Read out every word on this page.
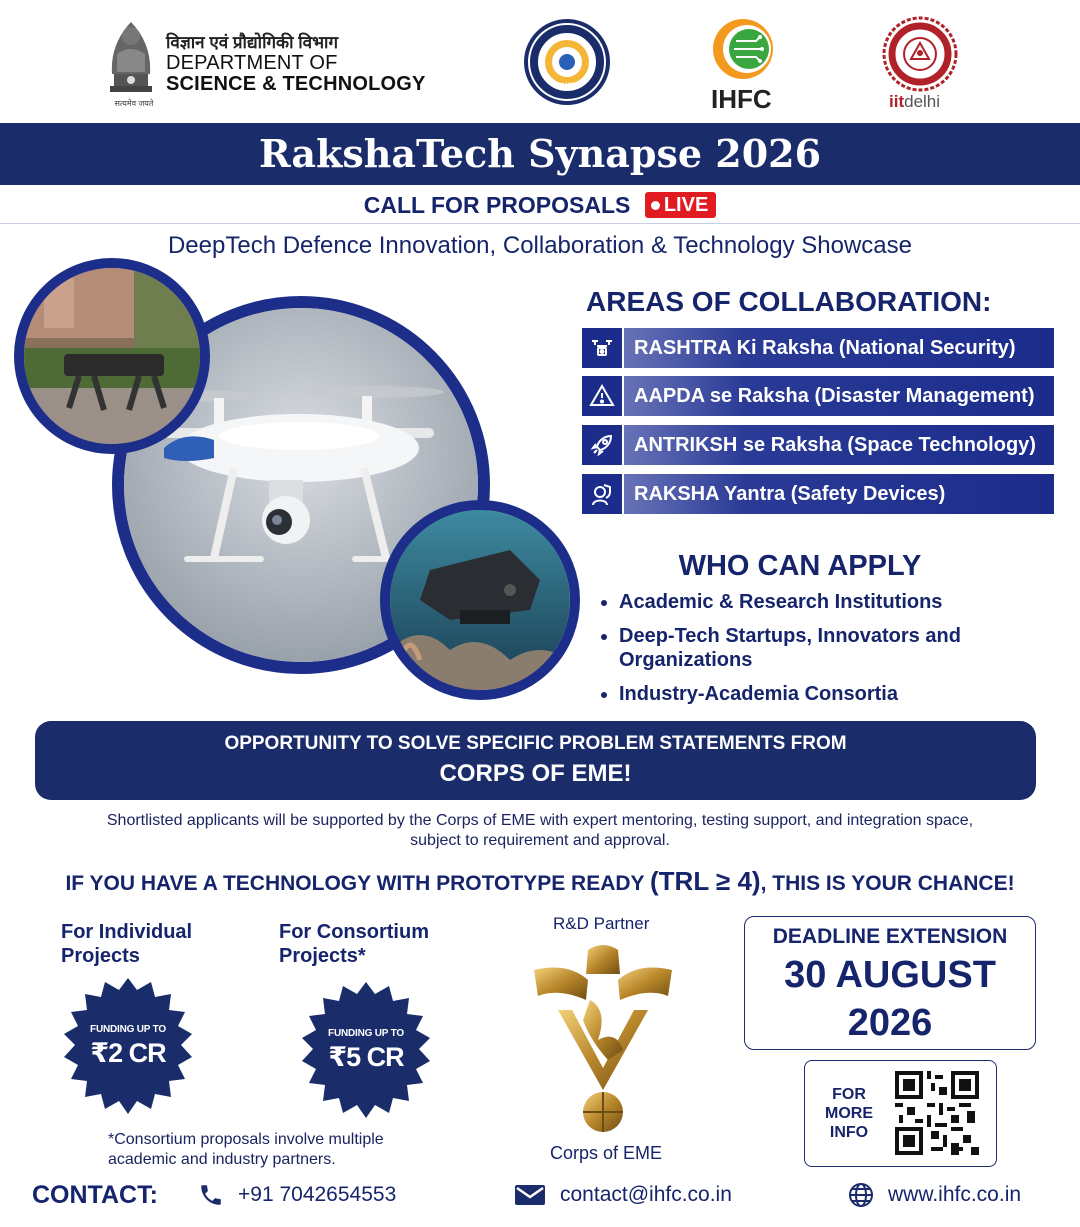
सत्यमेव जयते
विज्ञान एवं प्रौद्योगिकी विभाग
DEPARTMENT OF
SCIENCE & TECHNOLOGY	NM-ICPS	IHFC	iitdelhi
RakshaTech Synapse 2026
CALL FOR PROPOSALS LIVE
DeepTech Defence Innovation, Collaboration & Technology Showcase
AREAS OF COLLABORATION:
RASHTRA Ki Raksha (National Security)
AAPDA se Raksha (Disaster Management)
ANTRIKSH se Raksha (Space Technology)
RAKSHA Yantra (Safety Devices)
WHO CAN APPLY
Academic & Research Institutions
Deep-Tech Startups, Innovators and Organizations
Industry-Academia Consortia
OPPORTUNITY TO SOLVE SPECIFIC PROBLEM STATEMENTS FROM
CORPS OF EME!
Shortlisted applicants will be supported by the Corps of EME with expert mentoring, testing support, and integration space, subject to requirement and approval.
IF YOU HAVE A TECHNOLOGY WITH PROTOTYPE READY (TRL ≥ 4), THIS IS YOUR CHANCE!
For Individual Projects
For Consortium Projects*
FUNDING UP TO
₹2 CR
FUNDING UP TO
₹5 CR
*Consortium proposals involve multiple academic and industry partners.
R&D Partner
Corps of EME
DEADLINE EXTENSION
30 AUGUST
2026
FOR MORE INFO
CONTACT:	+91 7042654553	contact@ihfc.co.in	www.ihfc.co.in
